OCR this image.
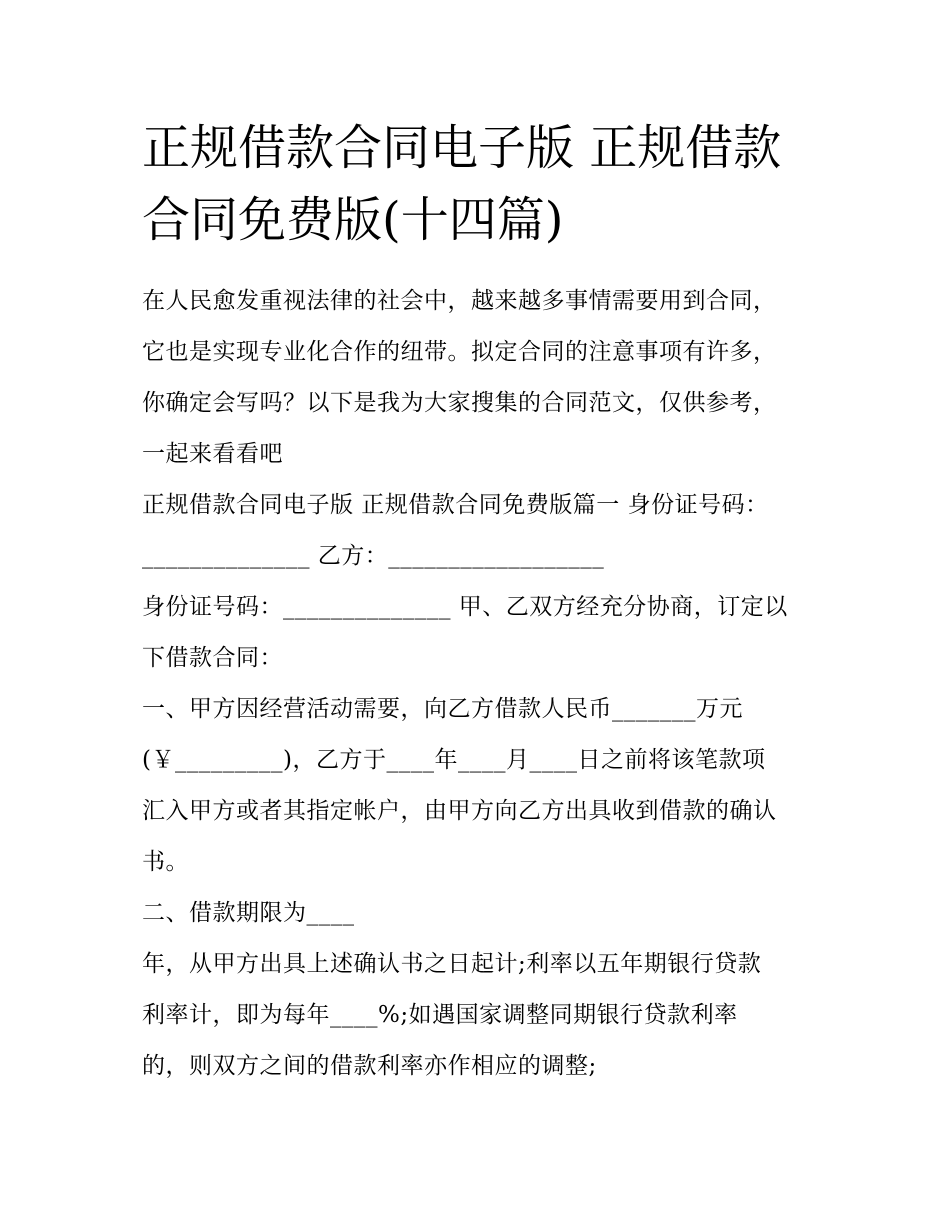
正规借款合同电子版 正规借款
合同免费版(十四篇)
在人民愈发重视法律的社会中，越来越多事情需要用到合同，
它也是实现专业化合作的纽带。拟定合同的注意事项有许多，
你确定会写吗？以下是我为大家搜集的合同范文，仅供参考，
一起来看看吧
正规借款合同电子版 正规借款合同免费版篇一 身份证号码：
______________ 乙方：__________________
身份证号码：______________ 甲、乙双方经充分协商，订定以
下借款合同：
一、甲方因经营活动需要，向乙方借款人民币_______万元
(￥_________)，乙方于____年____月____日之前将该笔款项
汇入甲方或者其指定帐户，由甲方向乙方出具收到借款的确认
书。
二、借款期限为____
年，从甲方出具上述确认书之日起计;利率以五年期银行贷款
利率计，即为每年____%;如遇国家调整同期银行贷款利率
的，则双方之间的借款利率亦作相应的调整;
